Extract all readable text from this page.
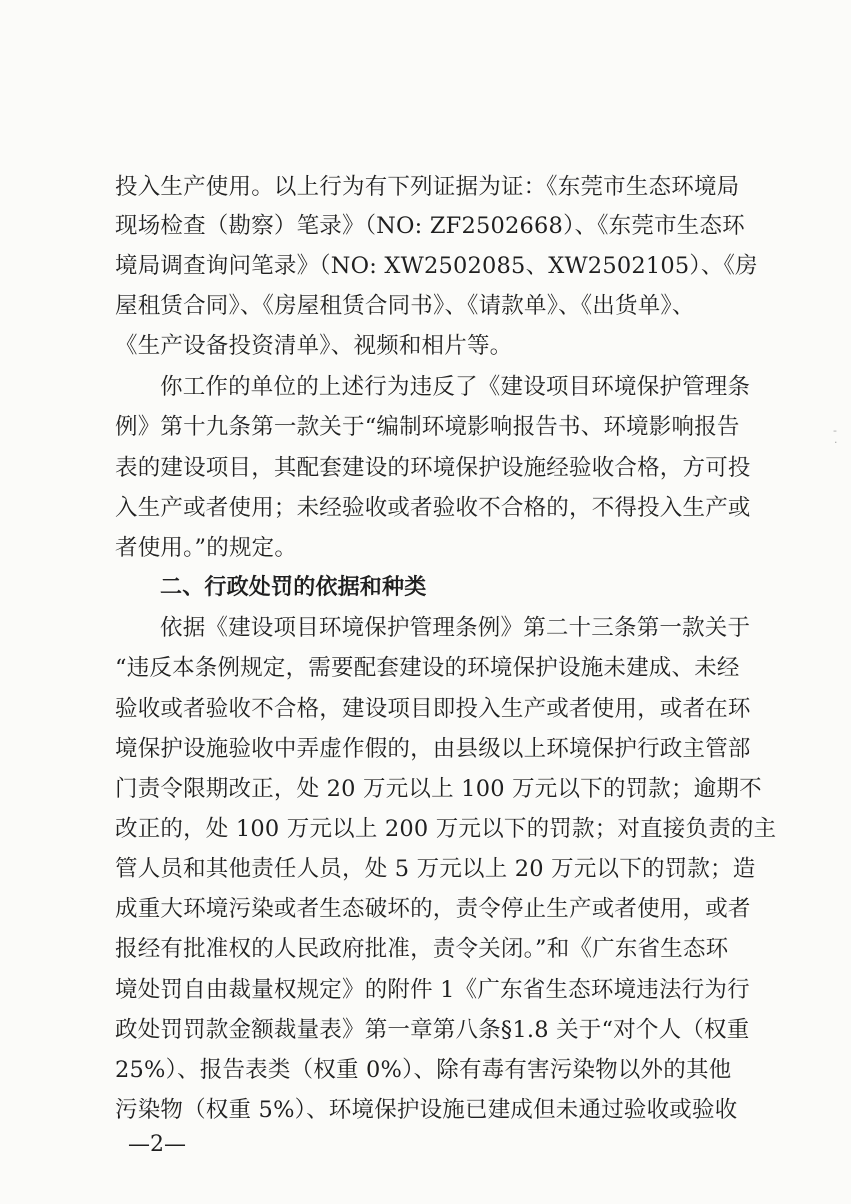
投入生产使用。以上行为有下列证据为证：《东莞市生态环境局
现场检查（勘察）笔录》（NO: ZF2502668）、《东莞市生态环
境局调查询问笔录》（NO: XW2502085、XW2502105）、《房
屋租赁合同》、《房屋租赁合同书》、《请款单》、《出货单》、
《生产设备投资清单》、视频和相片等。
你工作的单位的上述行为违反了《建设项目环境保护管理条
例》第十九条第一款关于“编制环境影响报告书、环境影响报告
表的建设项目，其配套建设的环境保护设施经验收合格，方可投
入生产或者使用；未经验收或者验收不合格的，不得投入生产或
者使用。”的规定。
二、行政处罚的依据和种类
依据《建设项目环境保护管理条例》第二十三条第一款关于
“违反本条例规定，需要配套建设的环境保护设施未建成、未经
验收或者验收不合格，建设项目即投入生产或者使用，或者在环
境保护设施验收中弄虚作假的，由县级以上环境保护行政主管部
门责令限期改正，处 20 万元以上 100 万元以下的罚款；逾期不
改正的，处 100 万元以上 200 万元以下的罚款；对直接负责的主
管人员和其他责任人员，处 5 万元以上 20 万元以下的罚款；造
成重大环境污染或者生态破坏的，责令停止生产或者使用，或者
报经有批准权的人民政府批准，责令关闭。”和《广东省生态环
境处罚自由裁量权规定》的附件 1《广东省生态环境违法行为行
政处罚罚款金额裁量表》第一章第八条§1.8 关于“对个人（权重
25%）、报告表类（权重 0%）、除有毒有害污染物以外的其他
污染物（权重 5%）、环境保护设施已建成但未通过验收或验收
—2—
-
·
